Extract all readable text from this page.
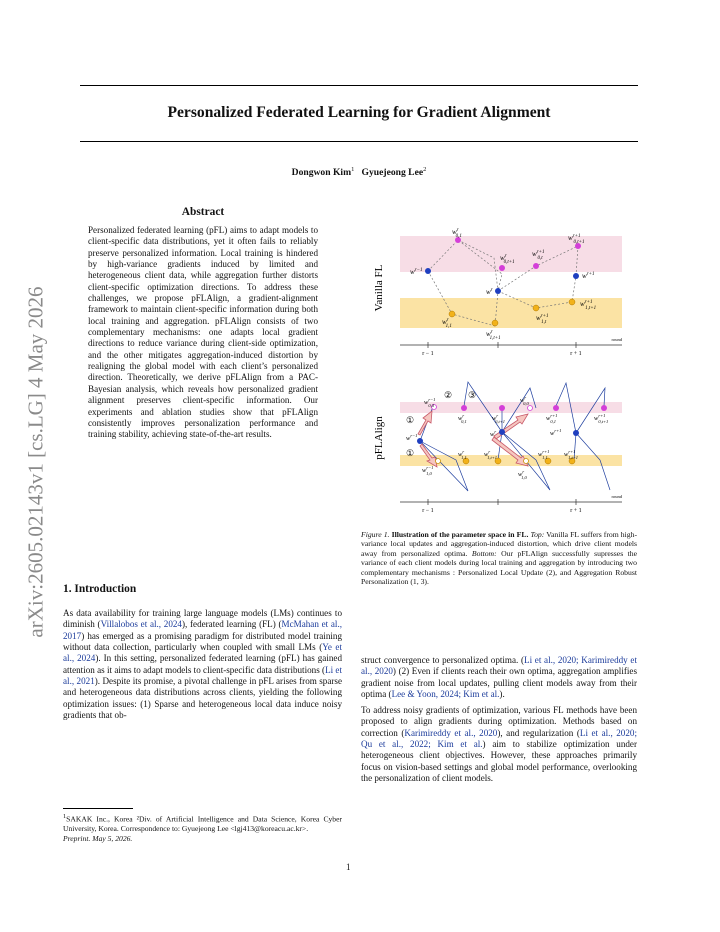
arXiv:2605.02143v1 [cs.LG] 4 May 2026
Personalized Federated Learning for Gradient Alignment
Dongwon Kim$^1$ Gyuejeong Lee$^2$
Abstract
Personalized federated learning (pFL) aims to adapt models to client-specific data distributions, yet it often fails to reliably preserve personalized information. Local training is hindered by high-variance gradients induced by limited and heterogeneous client data, while aggregation further distorts client-specific optimization directions. To address these challenges, we propose pFLAlign, a gradient-alignment framework to maintain client-specific information during both local training and aggregation. pFLAlign consists of two complementary mechanisms: one adapts local gradient directions to reduce variance during client-side optimization, and the other mitigates aggregation-induced distortion by realigning the global model with each client’s personalized direction. Theoretically, we derive pFLAlign from a PAC-Bayesian analysis, which reveals how personalized gradient alignment preserves client-specific information. Our experiments and ablation studies show that pFLAlign consistently improves personalization performance and training stability, achieving state-of-the-art results.
1. Introduction
As data availability for training large language models (LMs) continues to diminish (Villalobos et al., 2024), federated learning (FL) (McMahan et al., 2017) has emerged as a promising paradigm for distributed model training without data collection, particularly when coupled with small LMs (Ye et al., 2024). In this setting, personalized federated learning (pFL) has gained attention as it aims to adapt models to client-specific data distributions (Li et al., 2021). Despite its promise, a pivotal challenge in pFL arises from sparse and heterogeneous data distributions across clients, yielding the following optimization issues: (1) Sparse and heterogeneous local data induce noisy gradients that ob-
$^1$SAKAK Inc., Korea ²Div. of Artificial Intelligence and Data Science, Korea Cyber University, Korea. Correspondence to: Gyuejeong Lee <lgj413@koreacu.ac.kr>.
Preprint. May 5, 2026.
struct convergence to personalized optima. (Li et al., 2020; Karimireddy et al., 2020) (2) Even if clients reach their own optima, aggregation amplifies gradient noise from local updates, pulling client models away from their optima (Lee & Yoon, 2024; Kim et al.).
To address noisy gradients of optimization, various FL methods have been proposed to align gradients during optimization. Methods based on correction (Karimireddy et al., 2020), and regularization (Li et al., 2020; Qu et al., 2022; Kim et al.) aim to stabilize optimization under heterogeneous client objectives. However, these approaches primarily focus on vision-based settings and global model performance, overlooking the personalization of client models.
Vanilla FL	$w^{r-1}$
$w^r$ 0,1
$w^r$ 0,t+1
$w^{r+1}$ 0,t
$w^{r+1}$ 0,t+1
$w^r$
$w^{r+1}$
$w^r$ 1,1
$w^r$ 1,t+1
$w^{r+1}$ 1,t
$w^{r+1}$ 1,t+1
r − 1	r + 1
round
pFLAlign ①
② ③
①
$w^{r-1}$
$w^{r-1}$ 0,0
$w^r$ 0,1	$w^r$ 0,t+1
$w^r$
$w^r$ 0,0
$w^{r+1}$ 0,1	$w^{r+1}$ 0,t+1
$w^{r+1}$
$w^{r-1}$ 1,0
$w^r$ 1,1	$w^r$ 1,t+1
$w^r$ 1,0
$w^{r+1}$ 1,1	$w^{r+1}$ 1,t+1
r − 1	r + 1
round
Figure 1. Illustration of the parameter space in FL. Top: Vanilla FL suffers from high-variance local updates and aggregation-induced distortion, which drive client models away from personalized optima. Bottom: Our pFLAlign successfully supresses the variance of each client models during local training and aggregation by introducing two complementary mechanisms : Personalized Local Update (2), and Aggregation Robust Personalization (1, 3).
1
